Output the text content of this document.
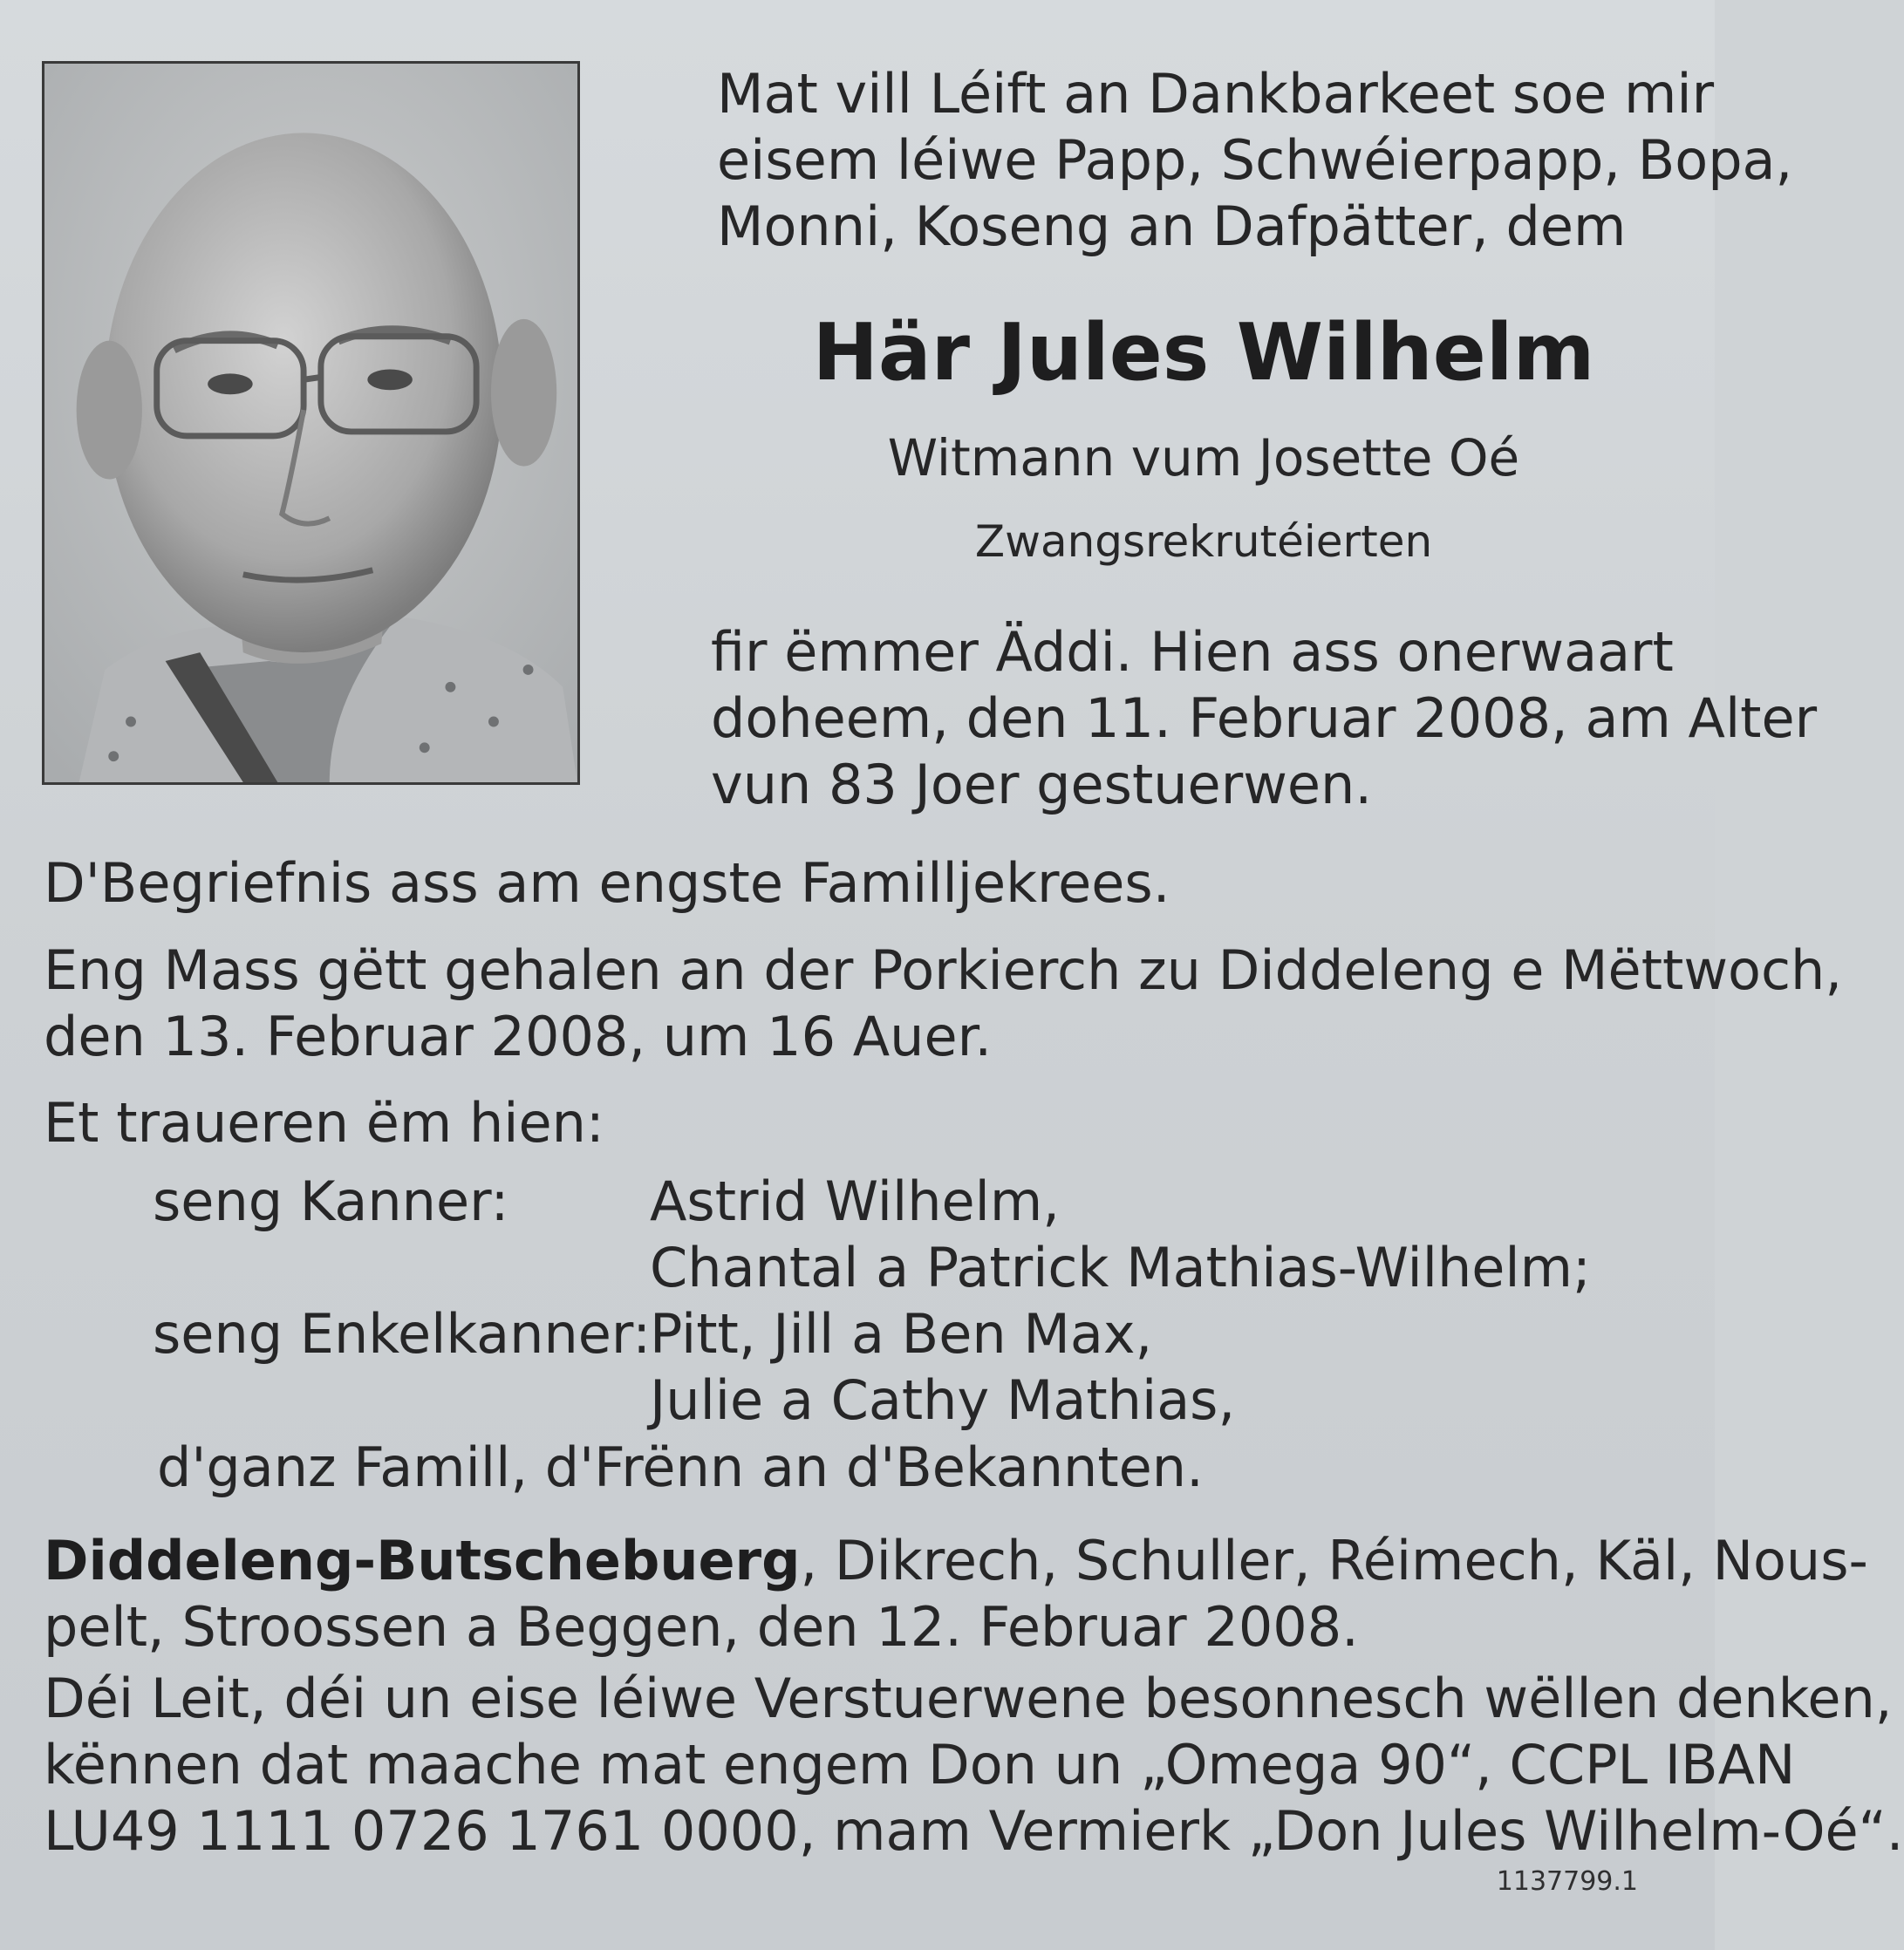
Mat vill Léift an Dankbarkeet soe mir
eisem léiwe Papp, Schwéierpapp, Bopa,
Monni, Koseng an Dafpätter, dem

Här Jules Wilhelm
Witmann vum Josette Oé
Zwangsrekrutéierten

fir ëmmer Äddi. Hien ass onerwaart
doheem, den 11. Februar 2008, am Alter
vun 83 Joer gestuerwen.

D'Begriefnis ass am engste Familljekrees.

Eng Mass gëtt gehalen an der Porkierch zu Diddeleng e Mëttwoch,
den 13. Februar 2008, um 16 Auer.

Et traueren ëm hien:

seng Kanner:	Astrid Wilhelm,
Chantal a Patrick Mathias-Wilhelm;
seng Enkelkanner:
Pitt, Jill a Ben Max,
Julie a Cathy Mathias,
d'ganz Famill, d'Frënn an d'Bekannten.

Diddeleng-Butschebuerg, Dikrech, Schuller, Réimech, Käl, Nous-
pelt, Stroossen a Beggen, den 12. Februar 2008.

Déi Leit, déi un eise léiwe Verstuerwene besonnesch wëllen denken,
kënnen dat maache mat engem Don un „Omega 90“, CCPL IBAN
LU49 1111 0726 1761 0000, mam Vermierk „Don Jules Wilhelm-Oé“.

1137799.1
